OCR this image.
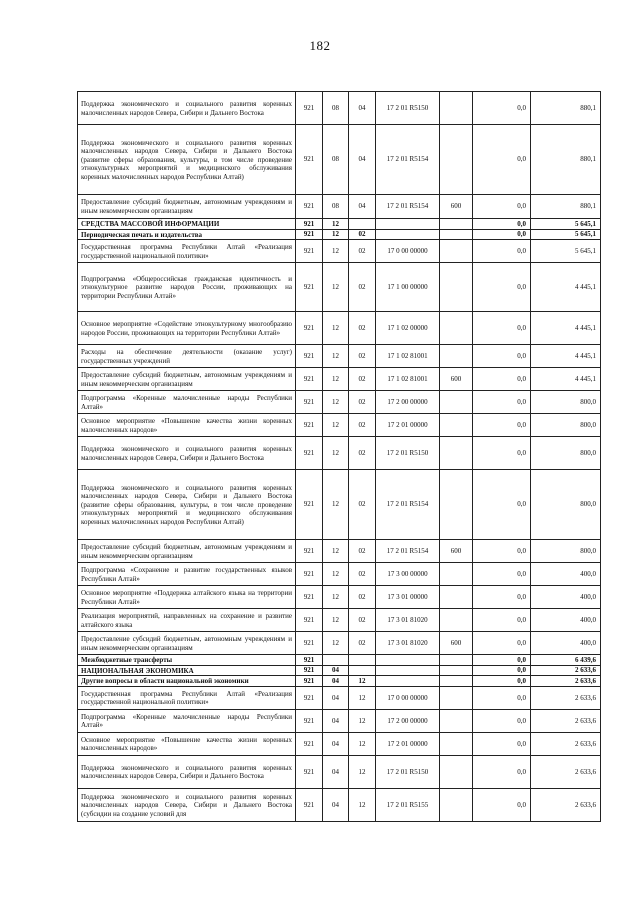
182
Поддержка экономического и социального развития коренных малочисленных народов Севера, Сибири и Дальнего Востока	921	08	04	17 2 01 R5150		0,0	880,1
Поддержка экономического и социального развития коренных малочисленных народов Севера, Сибири и Дальнего Востока (развитие сферы образования, культуры, в том числе проведение этнокультурных мероприятий и медицинского обслуживания коренных малочисленных народов Республики Алтай)	921	08	04	17 2 01 R5154		0,0	880,1
Предоставление субсидий бюджетным, автономным учреждениям и иным некоммерческим организациям	921	08	04	17 2 01 R5154	600	0,0	880,1
СРЕДСТВА МАССОВОЙ ИНФОРМАЦИИ	921	12				0,0	5 645,1
Периодическая печать и издательства	921	12	02			0,0	5 645,1
Государственная программа Республики Алтай «Реализация государственной национальной политики»	921	12	02	17 0 00 00000		0,0	5 645,1
Подпрограмма «Общероссийская гражданская идентичность и этнокультурное развитие народов России, проживающих на территории Республики Алтай»	921	12	02	17 1 00 00000		0,0	4 445,1
Основное мероприятие «Содействие этнокультурному многообразию народов России, проживающих на территории Республики Алтай»	921	12	02	17 1 02 00000		0,0	4 445,1
Расходы на обеспечение деятельности (оказание услуг) государственных учреждений	921	12	02	17 1 02 81001		0,0	4 445,1
Предоставление субсидий бюджетным, автономным учреждениям и иным некоммерческим организациям	921	12	02	17 1 02 81001	600	0,0	4 445,1
Подпрограмма «Коренные малочисленные народы Республики Алтай»	921	12	02	17 2 00 00000		0,0	800,0
Основное мероприятие «Повышение качества жизни коренных малочисленных народов»	921	12	02	17 2 01 00000		0,0	800,0
Поддержка экономического и социального развития коренных малочисленных народов Севера, Сибири и Дальнего Востока	921	12	02	17 2 01 R5150		0,0	800,0
Поддержка экономического и социального развития коренных малочисленных народов Севера, Сибири и Дальнего Востока (развитие сферы образования, культуры, в том числе проведение этнокультурных мероприятий и медицинского обслуживания коренных малочисленных народов Республики Алтай)	921	12	02	17 2 01 R5154		0,0	800,0
Предоставление субсидий бюджетным, автономным учреждениям и иным некоммерческим организациям	921	12	02	17 2 01 R5154	600	0,0	800,0
Подпрограмма «Сохранение и развитие государственных языков Республики Алтай»	921	12	02	17 3 00 00000		0,0	400,0
Основное мероприятие «Поддержка алтайского языка на территории Республики Алтай»	921	12	02	17 3 01 00000		0,0	400,0
Реализация мероприятий, направленных на сохранение и развитие алтайского языка	921	12	02	17 3 01 81020		0,0	400,0
Предоставление субсидий бюджетным, автономным учреждениям и иным некоммерческим организациям	921	12	02	17 3 01 81020	600	0,0	400,0
Межбюджетные трансферты	921					0,0	6 439,6
НАЦИОНАЛЬНАЯ ЭКОНОМИКА	921	04				0,0	2 633,6
Другие вопросы в области национальной экономики	921	04	12			0,0	2 633,6
Государственная программа Республики Алтай «Реализация государственной национальной политики»	921	04	12	17 0 00 00000		0,0	2 633,6
Подпрограмма «Коренные малочисленные народы Республики Алтай»	921	04	12	17 2 00 00000		0,0	2 633,6
Основное мероприятие «Повышение качества жизни коренных малочисленных народов»	921	04	12	17 2 01 00000		0,0	2 633,6
Поддержка экономического и социального развития коренных малочисленных народов Севера, Сибири и Дальнего Востока	921	04	12	17 2 01 R5150		0,0	2 633,6
Поддержка экономического и социального развития коренных малочисленных народов Севера, Сибири и Дальнего Востока (субсидии на создание условий для	921	04	12	17 2 01 R5155		0,0	2 633,6
